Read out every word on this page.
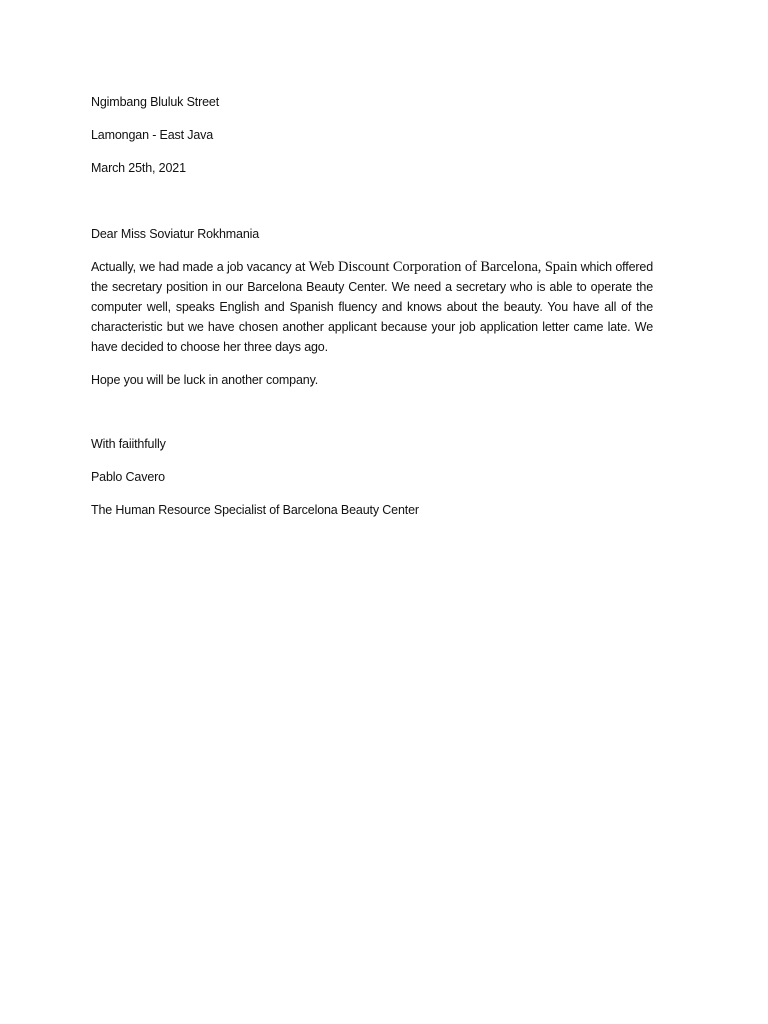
Ngimbang Bluluk Street

Lamongan - East Java

March 25th, 2021

Dear Miss Soviatur Rokhmania

Actually, we had made a job vacancy at Web Discount Corporation of Barcelona, Spain which offered the secretary position in our Barcelona Beauty Center. We need a secretary who is able to operate the computer well, speaks English and Spanish fluency and knows about the beauty. You have all of the characteristic but we have chosen another applicant because your job application letter came late. We have decided to choose her three days ago.

Hope you will be luck in another company.

With faiithfully

Pablo Cavero

The Human Resource Specialist of Barcelona Beauty Center
